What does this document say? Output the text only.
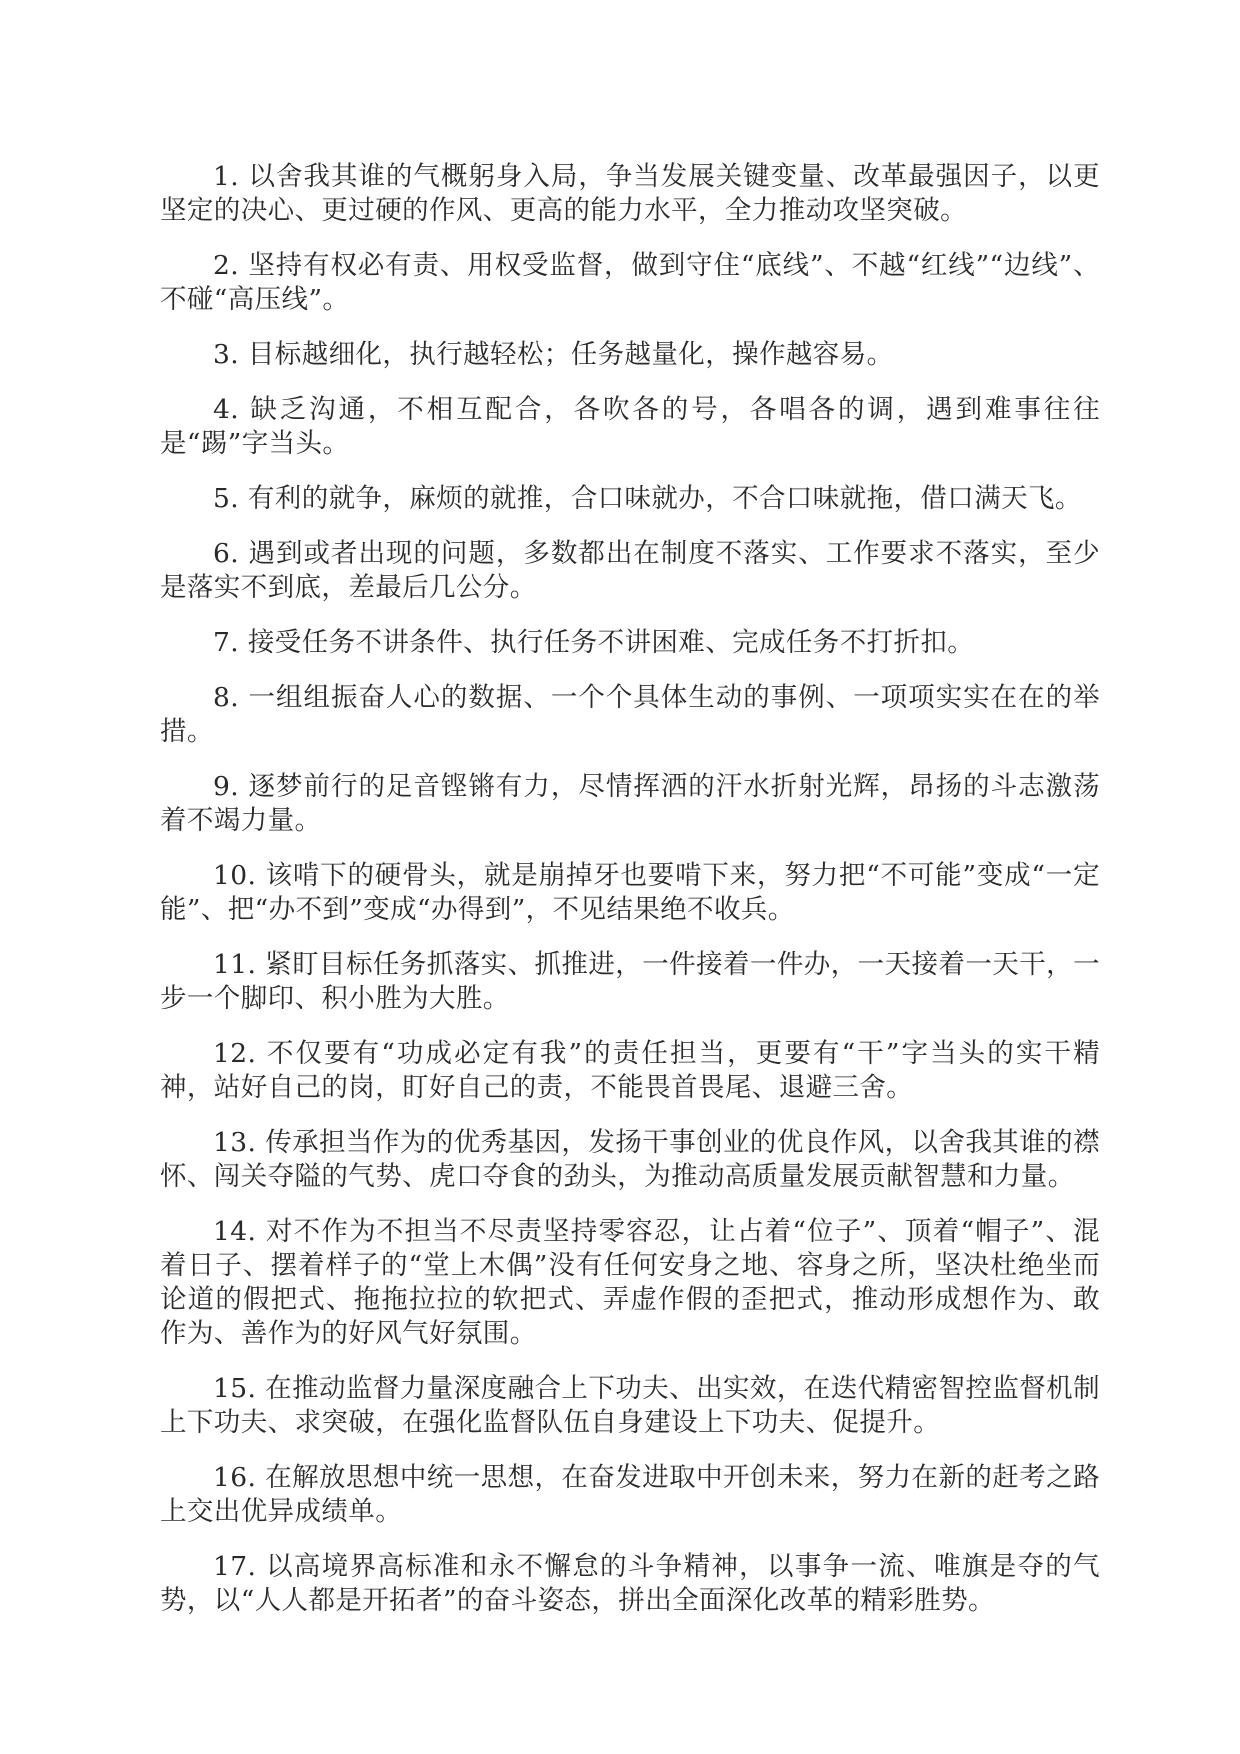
1. 以舍我其谁的气概躬身入局，争当发展关键变量、改革最强因子，以更坚定的决心、更过硬的作风、更高的能力水平，全力推动攻坚突破。

2. 坚持有权必有责、用权受监督，做到守住“底线”、不越“红线”“边线”、不碰“高压线”。

3. 目标越细化，执行越轻松；任务越量化，操作越容易。

4. 缺乏沟通，不相互配合，各吹各的号，各唱各的调，遇到难事往往是“踢”字当头。

5. 有利的就争，麻烦的就推，合口味就办，不合口味就拖，借口满天飞。

6. 遇到或者出现的问题，多数都出在制度不落实、工作要求不落实，至少是落实不到底，差最后几公分。

7. 接受任务不讲条件、执行任务不讲困难、完成任务不打折扣。

8. 一组组振奋人心的数据、一个个具体生动的事例、一项项实实在在的举措。

9. 逐梦前行的足音铿锵有力，尽情挥洒的汗水折射光辉，昂扬的斗志激荡着不竭力量。

10. 该啃下的硬骨头，就是崩掉牙也要啃下来，努力把“不可能”变成“一定能”、把“办不到”变成“办得到”，不见结果绝不收兵。

11. 紧盯目标任务抓落实、抓推进，一件接着一件办，一天接着一天干，一步一个脚印、积小胜为大胜。

12. 不仅要有“功成必定有我”的责任担当，更要有“干”字当头的实干精神，站好自己的岗，盯好自己的责，不能畏首畏尾、退避三舍。

13. 传承担当作为的优秀基因，发扬干事创业的优良作风，以舍我其谁的襟怀、闯关夺隘的气势、虎口夺食的劲头，为推动高质量发展贡献智慧和力量。

14. 对不作为不担当不尽责坚持零容忍，让占着“位子”、顶着“帽子”、混着日子、摆着样子的“堂上木偶”没有任何安身之地、容身之所，坚决杜绝坐而论道的假把式、拖拖拉拉的软把式、弄虚作假的歪把式，推动形成想作为、敢作为、善作为的好风气好氛围。

15. 在推动监督力量深度融合上下功夫、出实效，在迭代精密智控监督机制上下功夫、求突破，在强化监督队伍自身建设上下功夫、促提升。

16. 在解放思想中统一思想，在奋发进取中开创未来，努力在新的赶考之路上交出优异成绩单。

17. 以高境界高标准和永不懈怠的斗争精神，以事争一流、唯旗是夺的气势，以“人人都是开拓者”的奋斗姿态，拼出全面深化改革的精彩胜势。
